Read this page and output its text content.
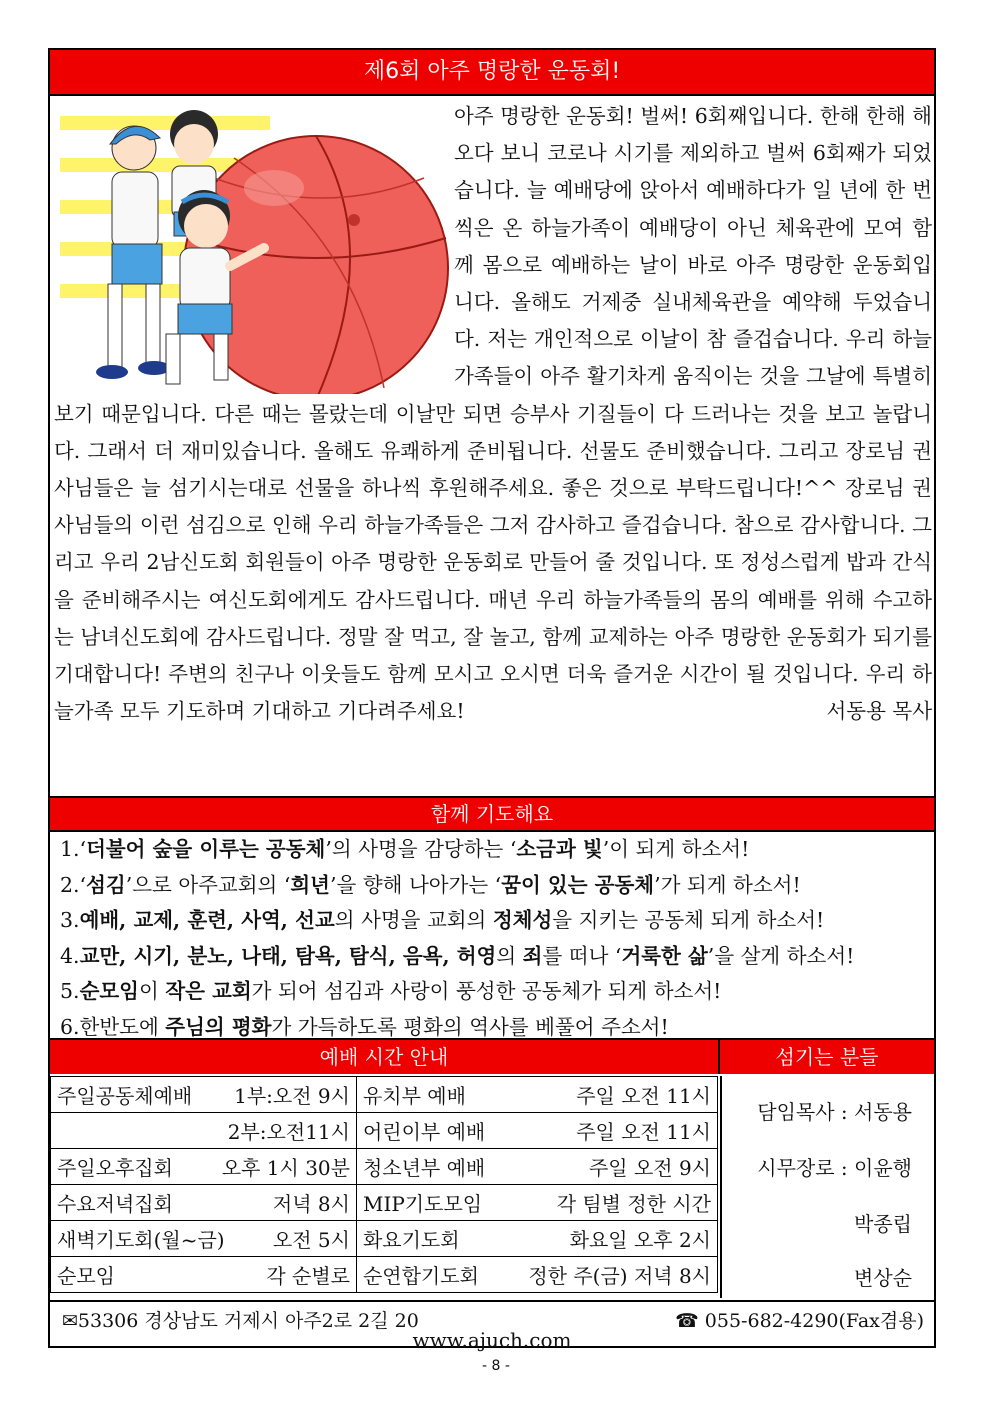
제6회 아주 명랑한 운동회!
아주 명랑한 운동회! 벌써! 6회째입니다. 한해 한해 해오다 보니 코로나 시기를 제외하고 벌써 6회째가 되었습니다. 늘 예배당에 앉아서 예배하다가 일 년에 한 번씩은 온 하늘가족이 예배당이 아닌 체육관에 모여 함께 몸으로 예배하는 날이 바로 아주 명랑한 운동회입니다. 올해도 거제중 실내체육관을 예약해 두었습니다. 저는 개인적으로 이날이 참 즐겁습니다. 우리 하늘가족들이 아주 활기차게 움직이는 것을 그날에 특별히 보기 때문입니다. 다른 때는 몰랐는데 이날만 되면 승부사 기질들이 다 드러나는 것을 보고 놀랍니다. 그래서 더 재미있습니다. 올해도 유쾌하게 준비됩니다. 선물도 준비했습니다. 그리고 장로님 권사님들은 늘 섬기시는대로 선물을 하나씩 후원해주세요. 좋은 것으로 부탁드립니다!^^ 장로님 권사님들의 이런 섬김으로 인해 우리 하늘가족들은 그저 감사하고 즐겁습니다. 참으로 감사합니다. 그리고 우리 2남신도회 회원들이 아주 명랑한 운동회로 만들어 줄 것입니다. 또 정성스럽게 밥과 간식을 준비해주시는 여신도회에게도 감사드립니다. 매년 우리 하늘가족들의 몸의 예배를 위해 수고하는 남녀신도회에 감사드립니다. 정말 잘 먹고, 잘 놀고, 함께 교제하는 아주 명랑한 운동회가 되기를 기대합니다! 주변의 친구나 이웃들도 함께 모시고 오시면 더욱 즐거운 시간이 될 것입니다. 우리 하늘가족 모두 기도하며 기대하고 기다려주세요!	서동용 목사
함께 기도해요
1.‘더불어 숲을 이루는 공동체’의 사명을 감당하는 ‘소금과 빛’이 되게 하소서!
2.‘섬김’으로 아주교회의 ‘희년’을 향해 나아가는 ‘꿈이 있는 공동체’가 되게 하소서!
3.예배, 교제, 훈련, 사역, 선교의 사명을 교회의 정체성을 지키는 공동체 되게 하소서!
4.교만, 시기, 분노, 나태, 탐욕, 탐식, 음욕, 허영의 죄를 떠나 ‘거룩한 삶’을 살게 하소서!
5.순모임이 작은 교회가 되어 섬김과 사랑이 풍성한 공동체가 되게 하소서!
6.한반도에 주님의 평화가 가득하도록 평화의 역사를 베풀어 주소서!
예배 시간 안내	섬기는 분들
주일공동체예배 1부:오전 9시	유치부 예배 주일 오전 11시

2부:오전11시	어린이부 예배 주일 오전 11시

주일오후집회 오후 1시 30분	청소년부 예배 주일 오전 9시

수요저녁집회 저녁 8시	MIP기도모임 각 팀별 정한 시간

새벽기도회(월~금) 오전 5시	화요기도회 화요일 오후 2시

순모임 각 순별로	순연합기도회 정한 주(금) 저녁 8시
담임목사 : 서동용
시무장로 : 이윤행
박종립
변상순
✉53306 경상남도 거제시 아주2로 2길 20	☎ 055-682-4290(Fax겸용)
www.ajuch.com
- 8 -
